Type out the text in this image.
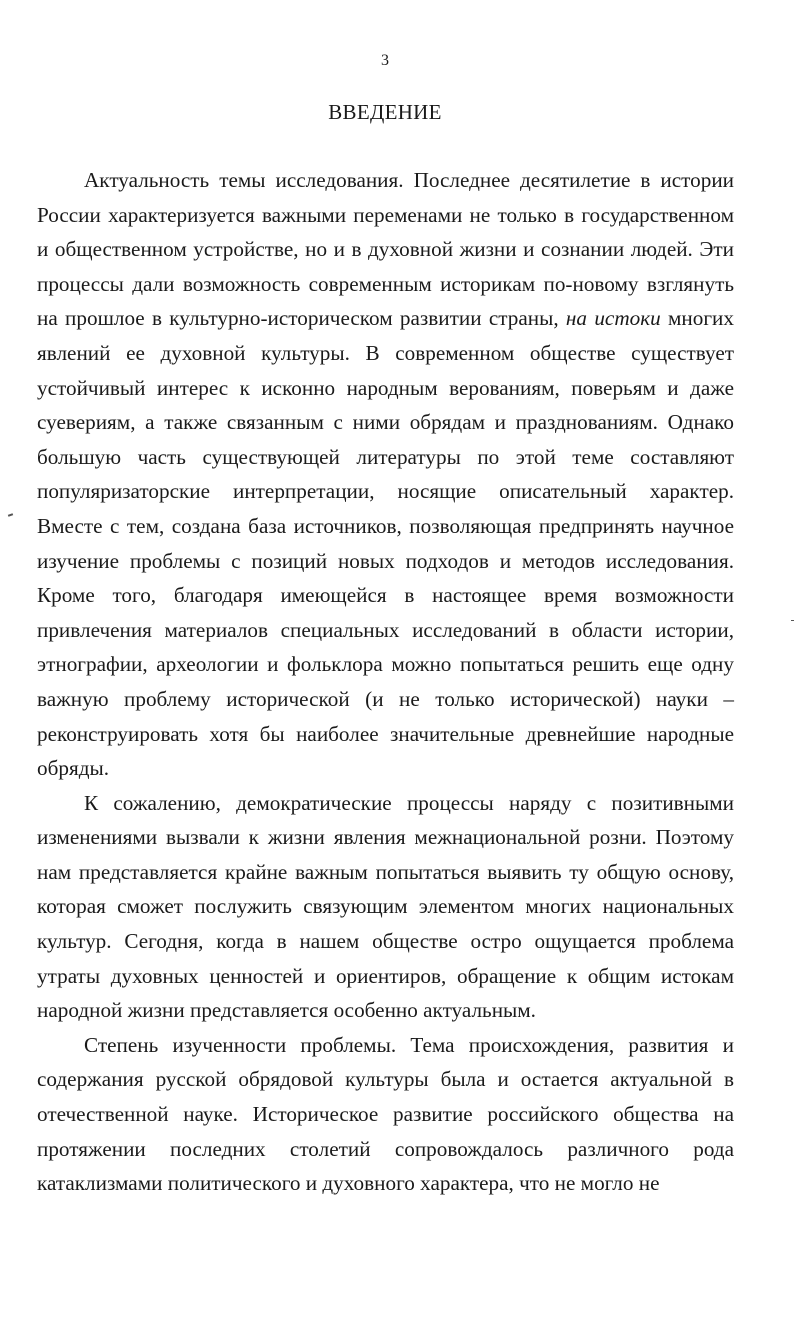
3
ВВЕДЕНИЕ

Актуальность темы исследования. Последнее десятилетие в истории России характеризуется важными переменами не только в государственном и общественном устройстве, но и в духовной жизни и сознании людей. Эти процессы дали возможность современным историкам по-новому взглянуть на прошлое в культурно-историческом развитии страны, на истоки многих явлений ее духовной культуры. В современном обществе существует устойчивый интерес к исконно народным верованиям, поверьям и даже суевериям, а также связанным с ними обрядам и празднованиям. Однако большую часть существующей литературы по этой теме составляют популяризаторские интерпретации, носящие описательный характер. Вместе с тем, создана база источников, позволяющая предпринять научное изучение проблемы с позиций новых подходов и методов исследования. Кроме того, благодаря имеющейся в настоящее время возможности привлечения материалов специальных исследований в области истории, этнографии, археологии и фольклора можно попытаться решить еще одну важную проблему исторической (и не только исторической) науки – реконструировать хотя бы наиболее значительные древнейшие народные обряды.

К сожалению, демократические процессы наряду с позитивными изменениями вызвали к жизни явления межнациональной розни. Поэтому нам представляется крайне важным попытаться выявить ту общую основу, которая сможет послужить связующим элементом многих национальных культур. Сегодня, когда в нашем обществе остро ощущается проблема утраты духовных ценностей и ориентиров, обращение к общим истокам народной жизни представляется особенно актуальным.

Степень изученности проблемы. Тема происхождения, развития и содержания русской обрядовой культуры была и остается актуальной в отечественной науке. Историческое развитие российского общества на протяжении последних столетий сопровождалось различного рода катаклизмами политического и духовного характера, что не могло не
